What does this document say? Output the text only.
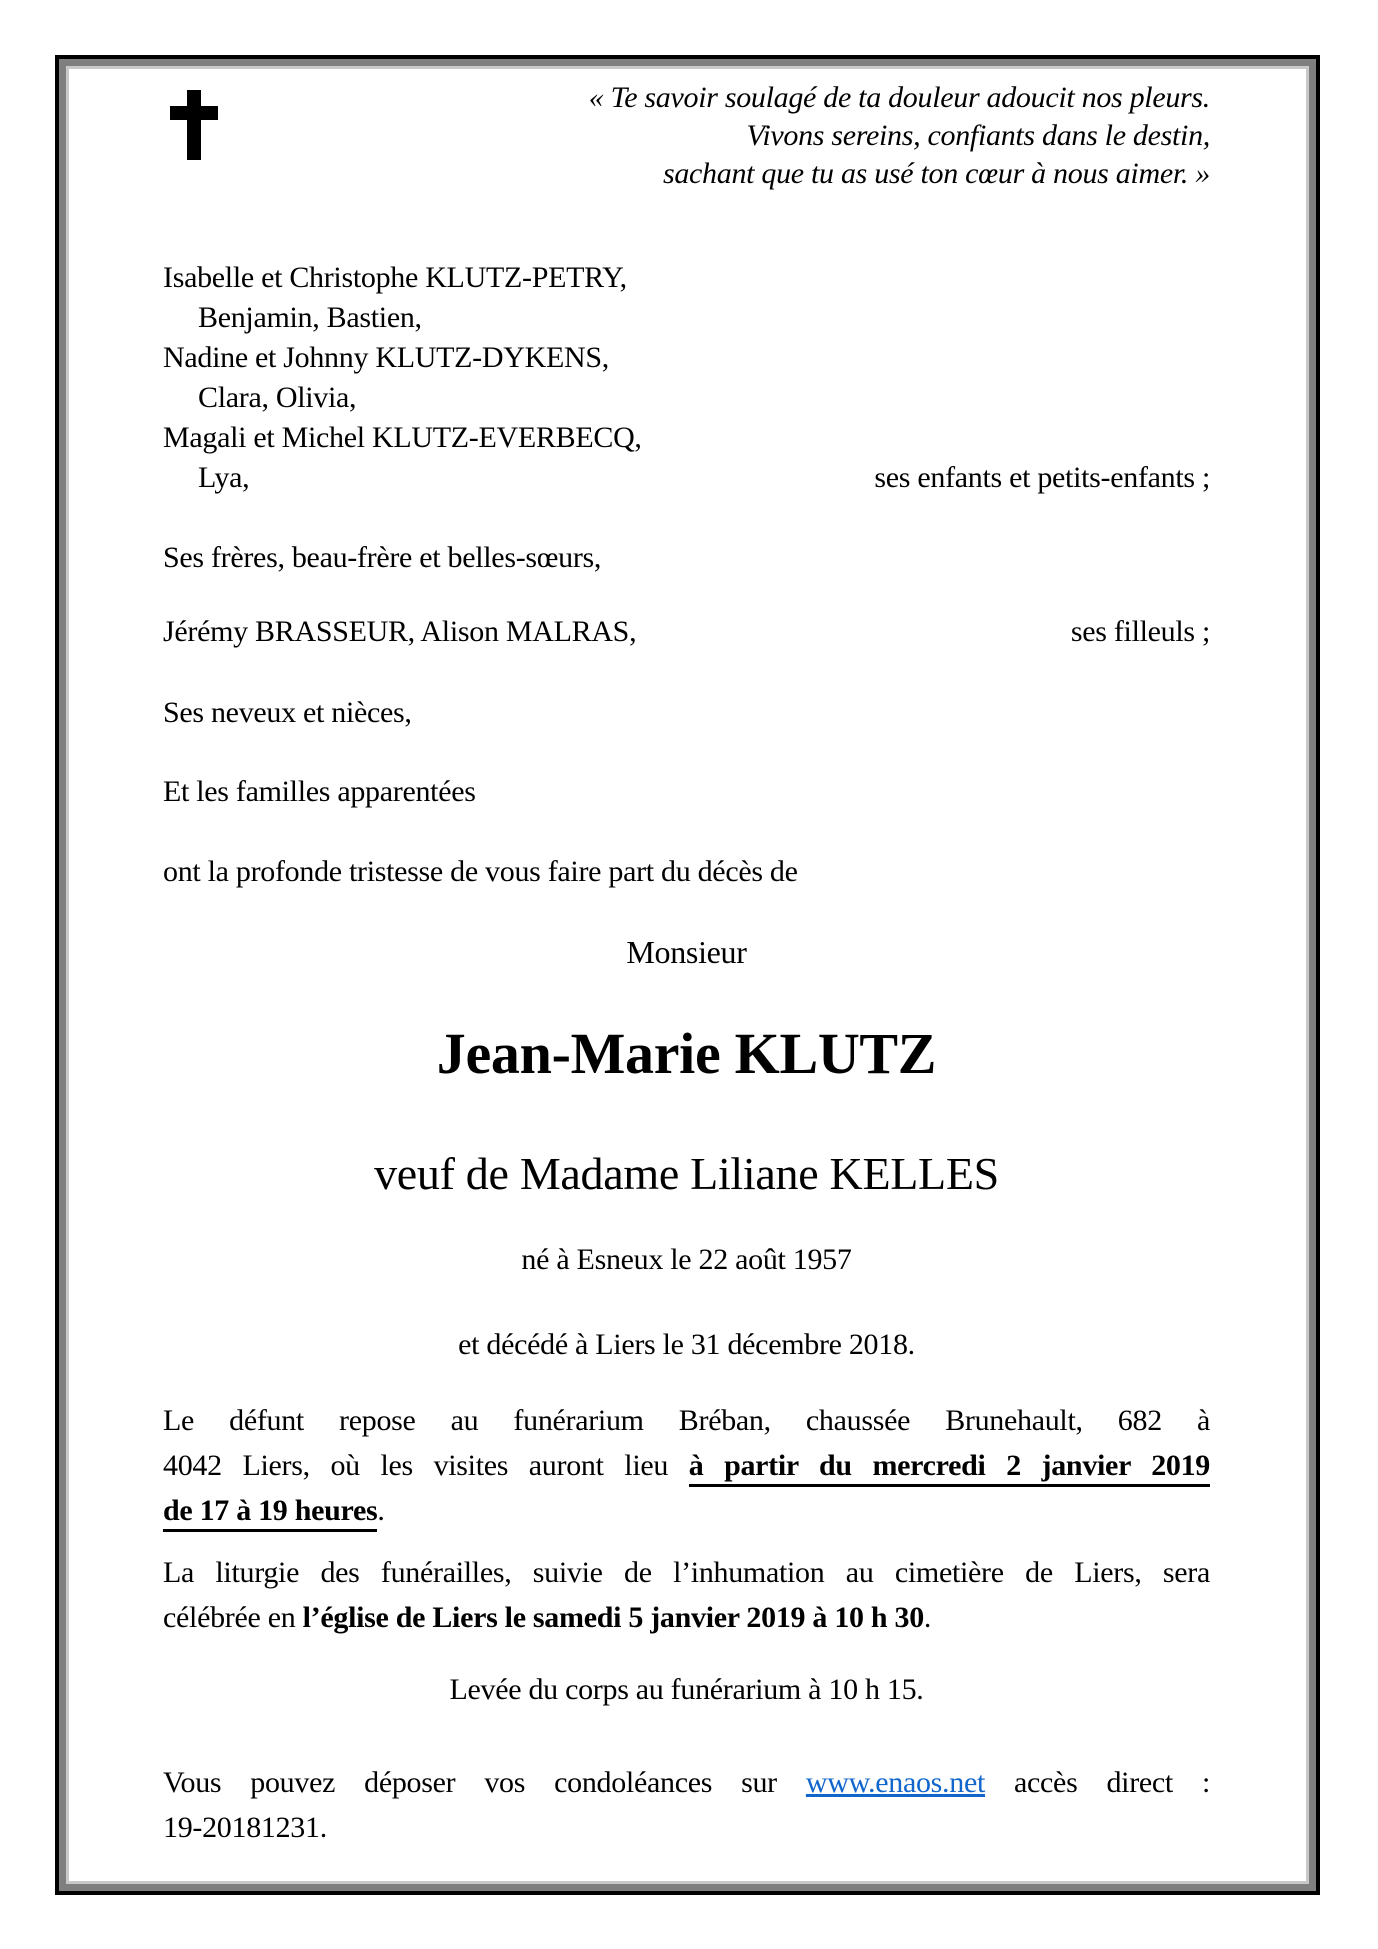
« Te savoir soulagé de ta douleur adoucit nos pleurs.
Vivons sereins, confiants dans le destin,
sachant que tu as usé ton cœur à nous aimer. »
Isabelle et Christophe KLUTZ-PETRY,
Benjamin, Bastien,
Nadine et Johnny KLUTZ-DYKENS,
Clara, Olivia,
Magali et Michel KLUTZ-EVERBECQ,
Lya,	ses enfants et petits-enfants ;
Ses frères, beau-frère et belles-sœurs,
Jérémy BRASSEUR, Alison MALRAS,	ses filleuls ;
Ses neveux et nièces,
Et les familles apparentées
ont la profonde tristesse de vous faire part du décès de
Monsieur
Jean-Marie KLUTZ
veuf de Madame Liliane KELLES
né à Esneux le 22 août 1957
et décédé à Liers le 31 décembre 2018.
Le défunt repose au funérarium Bréban, chaussée Brunehault, 682 à
4042 Liers, où les visites auront lieu à partir du mercredi 2 janvier 2019
de 17 à 19 heures.
La liturgie des funérailles, suivie de l’inhumation au cimetière de Liers, sera
célébrée en l’église de Liers le samedi 5 janvier 2019 à 10 h 30.
Levée du corps au funérarium à 10 h 15.
Vous pouvez déposer vos condoléances sur www.enaos.net accès direct :
19-20181231.
